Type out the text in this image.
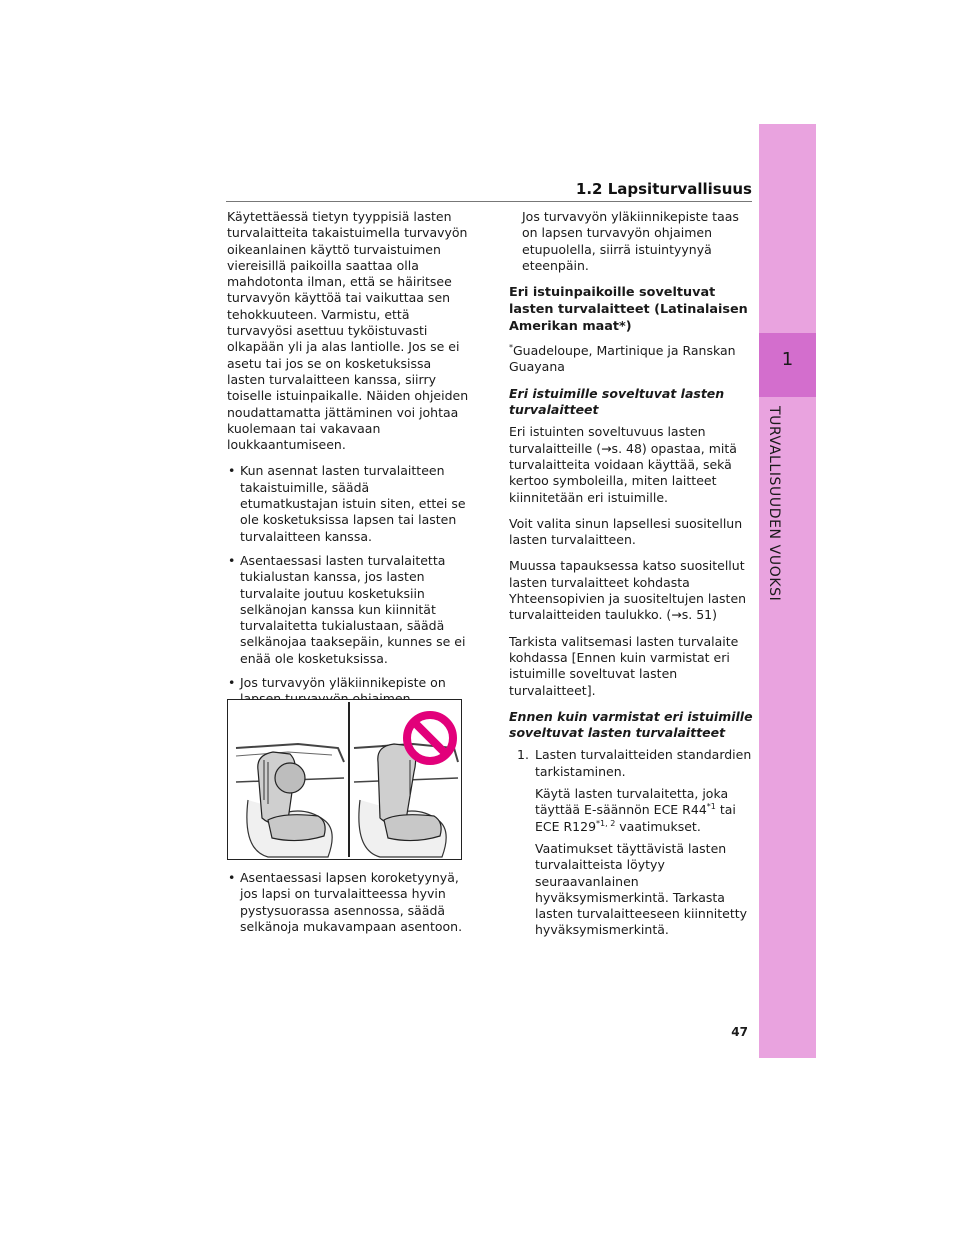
1
TURVALLISUUDEN VUOKSI
1.2 Lapsiturvallisuus

Käytettäessä tietyn tyyppisiä lasten turvalaitteita takaistuimella turvavyön oikeanlainen käyttö turvaistuimen viereisillä paikoilla saattaa olla mahdotonta ilman, että se häiritsee turvavyön käyttöä tai vaikuttaa sen tehokkuuteen. Varmistu, että turvavyösi asettuu tyköistuvasti olkapään yli ja alas lantiolle. Jos se ei asetu tai jos se on kosketuksissa lasten turvalaitteen kanssa, siirry toiselle istuinpaikalle. Näiden ohjeiden noudattamatta jättäminen voi johtaa kuolemaan tai vakavaan loukkaantumiseen.

• Kun asennat lasten turvalaitteen takaistuimille, säädä etumatkustajan istuin siten, ettei se ole kosketuksissa lapsen tai lasten turvalaitteen kanssa.
• Asentaessasi lasten turvalaitetta tukialustan kanssa, jos lasten turvalaite joutuu kosketuksiin selkänojan kanssa kun kiinnität turvalaitetta tukialustaan, säädä selkänojaa taaksepäin, kunnes se ei enää ole kosketuksissa.
• Jos turvavyön yläkiinnikepiste on
• Asentaessasi lapsen koroketyynyä, jos lapsi on turvalaitteessa hyvin pystysuorassa asennossa, säädä selkänoja mukavampaan asentoon.

Jos turvavyön yläkiinnikepiste taas on lapsen turvavyön ohjaimen etupuolella, siirrä istuintyynyä eteenpäin.

Eri istuinpaikoille soveltuvat lasten turvalaitteet (Latinalaisen Amerikan maat*)

*Guadeloupe, Martinique ja Ranskan Guayana

Eri istuimille soveltuvat lasten turvalaitteet

Eri istuinten soveltuvuus lasten turvalaitteille (→s. 48) opastaa, mitä turvalaitteita voidaan käyttää, sekä kertoo symboleilla, miten laitteet kiinnitetään eri istuimille.

Voit valita sinun lapsellesi suositellun lasten turvalaitteen.

Muussa tapauksessa katso suositellut lasten turvalaitteet kohdasta Yhteensopivien ja suositeltujen lasten turvalaitteiden taulukko. (→s. 51)

Tarkista valitsemasi lasten turvalaite kohdassa [Ennen kuin varmistat eri istuimille soveltuvat lasten turvalaitteet].

Ennen kuin varmistat eri istuimille soveltuvat lasten turvalaitteet
1. Lasten turvalaitteiden standardien tarkistaminen.

Käytä lasten turvalaitetta, joka täyttää E-säännön ECE R44$^{*1}$ tai ECE R129$^{*1, 2}$ vaatimukset.

Vaatimukset täyttävistä lasten turvalaitteista löytyy seuraavanlainen hyväksymismerkintä. Tarkasta lasten turvalaitteeseen kiinnitetty hyväksymismerkintä.

47
